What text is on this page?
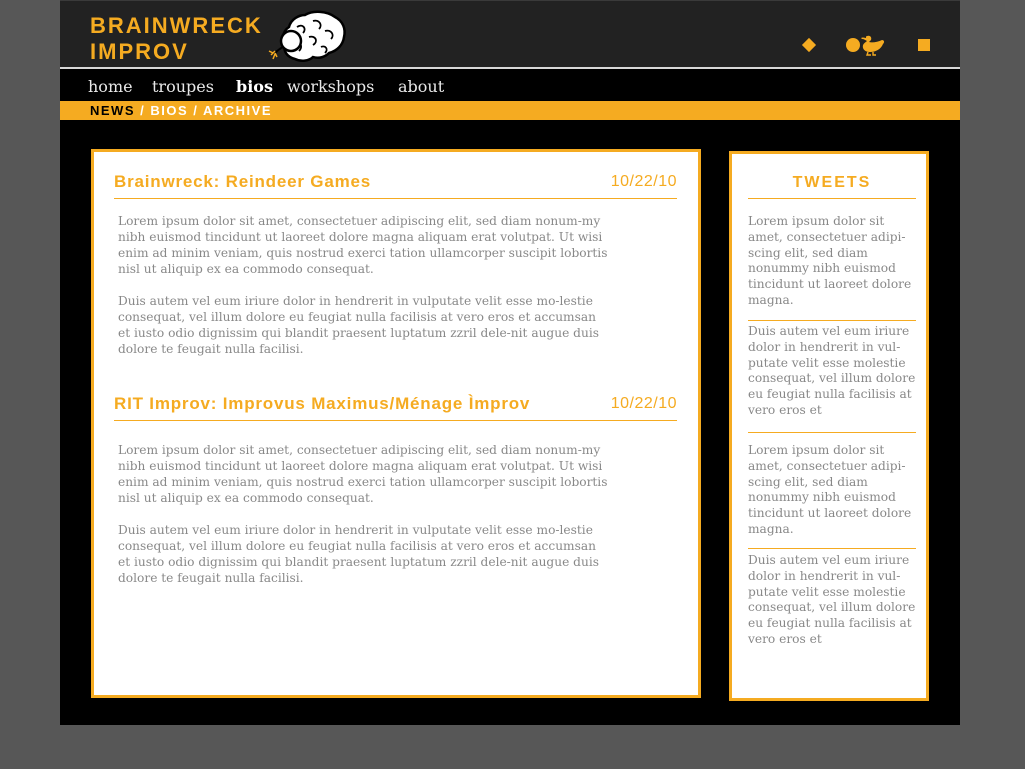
BRAINWRECK
IMPROV
home troupes bios workshops about
NEWS / BIOS / ARCHIVE
Brainwreck: Reindeer Games	10/22/10

Lorem ipsum dolor sit amet, consectetuer adipiscing elit, sed diam nonum-my nibh euismod tincidunt ut laoreet dolore magna aliquam erat volutpat. Ut wisi enim ad minim veniam, quis nostrud exerci tation ullamcorper suscipit lobortis nisl ut aliquip ex ea commodo consequat.

Duis autem vel eum iriure dolor in hendrerit in vulputate velit esse mo-lestie consequat, vel illum dolore eu feugiat nulla facilisis at vero eros et accumsan et iusto odio dignissim qui blandit praesent luptatum zzril dele-nit augue duis dolore te feugait nulla facilisi.

RIT Improv: Improvus Maximus/Ménage Ìmprov	10/22/10

Lorem ipsum dolor sit amet, consectetuer adipiscing elit, sed diam nonum-my nibh euismod tincidunt ut laoreet dolore magna aliquam erat volutpat. Ut wisi enim ad minim veniam, quis nostrud exerci tation ullamcorper suscipit lobortis nisl ut aliquip ex ea commodo consequat.

Duis autem vel eum iriure dolor in hendrerit in vulputate velit esse mo-lestie consequat, vel illum dolore eu feugiat nulla facilisis at vero eros et accumsan et iusto odio dignissim qui blandit praesent luptatum zzril dele-nit augue duis dolore te feugait nulla facilisi.

TWEETS
Lorem ipsum dolor sit amet, consectetuer adipi-scing elit, sed diam nonummy nibh euismod tincidunt ut laoreet dolore magna.
Duis autem vel eum iriure dolor in hendrerit in vul-putate velit esse molestie consequat, vel illum dolore eu feugiat nulla facilisis at vero eros et
Lorem ipsum dolor sit amet, consectetuer adipi-scing elit, sed diam nonummy nibh euismod tincidunt ut laoreet dolore magna.
Duis autem vel eum iriure dolor in hendrerit in vul-putate velit esse molestie consequat, vel illum dolore eu feugiat nulla facilisis at vero eros et
